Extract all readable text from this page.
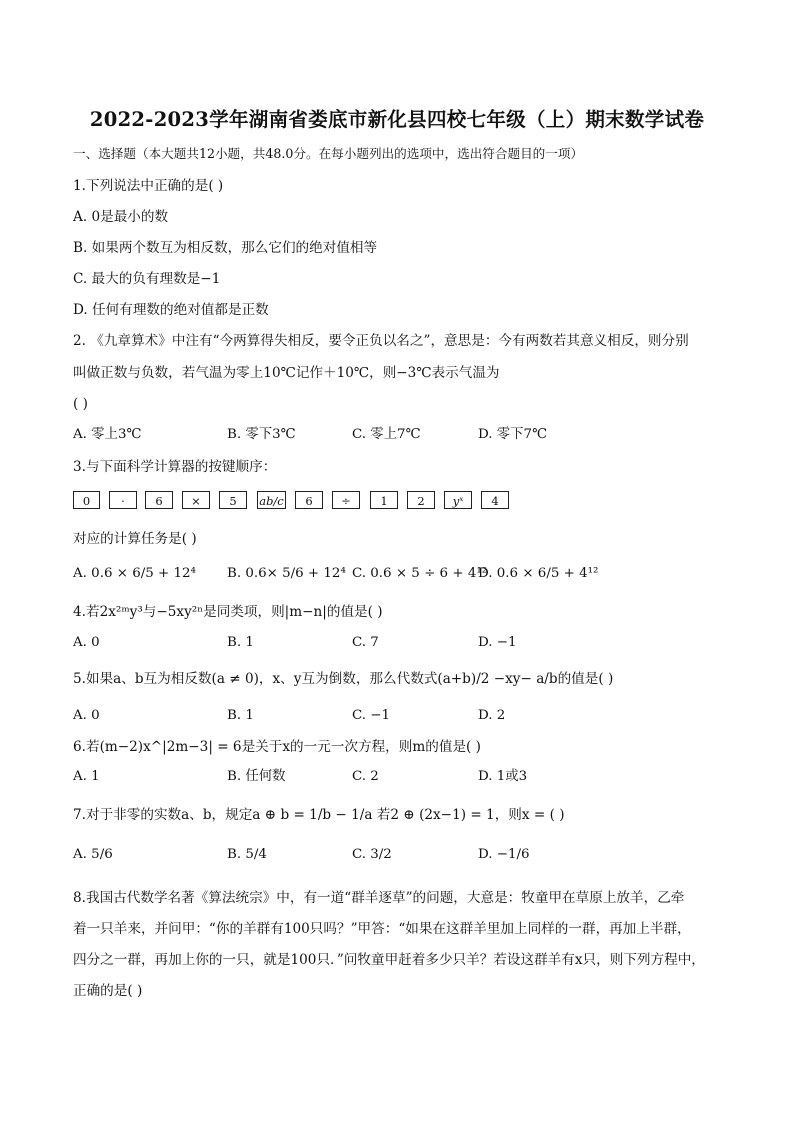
2022-2023学年湖南省娄底市新化县四校七年级（上）期末数学试卷
一、选择题（本大题共12小题，共48.0分。在每小题列出的选项中，选出符合题目的一项）
1.下列说法中正确的是( )
A. 0是最小的数
B. 如果两个数互为相反数，那么它们的绝对值相等
C. 最大的负有理数是−1
D. 任何有理数的绝对值都是正数
2. 《九章算术》中注有“今两算得失相反，要令正负以名之”，意思是：今有两数若其意义相反，则分别
叫做正数与负数，若气温为零上10℃记作＋10℃，则−3℃表示气温为
( )
A. 零上3℃	B. 零下3℃	C. 零上7℃	D. 零下7℃
3.与下面科学计算器的按键顺序：
0	·	6	×	5	ab/c	6	÷	1	2	yˣ	4
对应的计算任务是( )
A. 0.6 × 6/5 + 12⁴ B. 0.6× 5/6 + 12⁴ C. 0.6 × 5 ÷ 6 + 4¹²
D. 0.6 × 6/5 + 4¹²
4.若2x²ᵐy³与−5xy²ⁿ是同类项，则|m−n|的值是( )
A. 0	B. 1	C. 7	D. −1
5.如果a、b互为相反数(a ≠ 0)，x、y互为倒数，那么代数式(a+b)/2 −xy− a/b的值是( )
A. 0	B. 1	C. −1	D. 2
6.若(m−2)x^|2m−3| = 6是关于x的一元一次方程，则m的值是( )
A. 1	B. 任何数	C. 2	D. 1或3
7.对于非零的实数a、b，规定a ⊕ b = 1/b − 1/a 若2 ⊕ (2x−1) = 1，则x = ( )
A. 5/6	B. 5/4	C. 3/2	D. −1/6
8.我国古代数学名著《算法统宗》中，有一道“群羊逐草”的问题，大意是：牧童甲在草原上放羊，乙牵
着一只羊来，并问甲：“你的羊群有100只吗？”甲答：“如果在这群羊里加上同样的一群，再加上半群，
四分之一群，再加上你的一只，就是100只．”问牧童甲赶着多少只羊？若设这群羊有x只，则下列方程中，
正确的是( )
